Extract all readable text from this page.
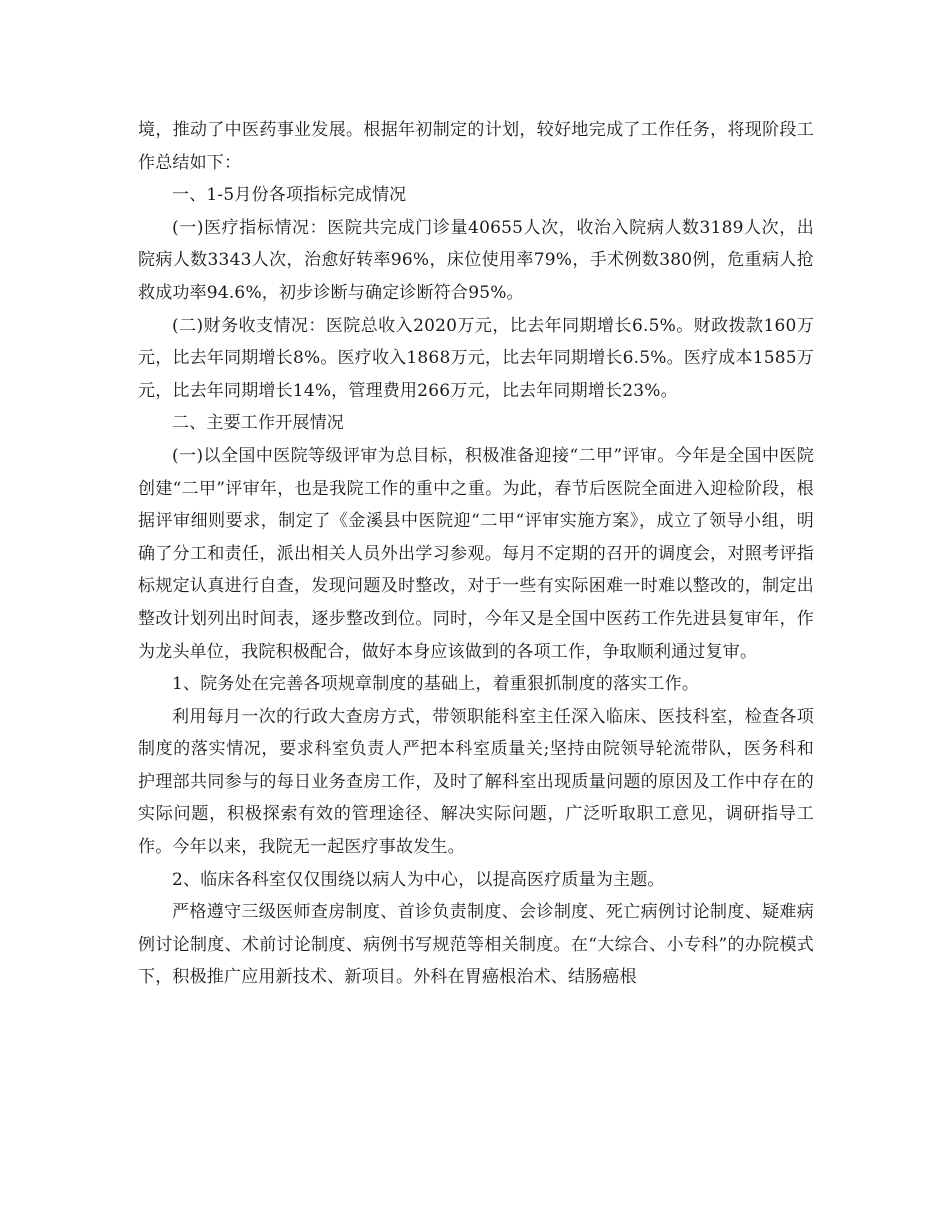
境，推动了中医药事业发展。根据年初制定的计划，较好地完成了工作任务，将现阶段工作总结如下：

一、1-5月份各项指标完成情况

(一)医疗指标情况：医院共完成门诊量40655人次，收治入院病人数3189人次，出院病人数3343人次，治愈好转率96%，床位使用率79%，手术例数380例，危重病人抢救成功率94.6%，初步诊断与确定诊断符合95%。

(二)财务收支情况：医院总收入2020万元，比去年同期增长6.5%。财政拨款160万元，比去年同期增长8%。医疗收入1868万元，比去年同期增长6.5%。医疗成本1585万元，比去年同期增长14%，管理费用266万元，比去年同期增长23%。

二、主要工作开展情况

(一)以全国中医院等级评审为总目标，积极准备迎接“二甲”评审。今年是全国中医院创建“二甲”评审年，也是我院工作的重中之重。为此，春节后医院全面进入迎检阶段，根据评审细则要求，制定了《金溪县中医院迎“二甲“评审实施方案》，成立了领导小组，明确了分工和责任，派出相关人员外出学习参观。每月不定期的召开的调度会，对照考评指标规定认真进行自查，发现问题及时整改，对于一些有实际困难一时难以整改的，制定出整改计划列出时间表，逐步整改到位。同时，今年又是全国中医药工作先进县复审年，作为龙头单位，我院积极配合，做好本身应该做到的各项工作，争取顺利通过复审。

1、院务处在完善各项规章制度的基础上，着重狠抓制度的落实工作。

利用每月一次的行政大查房方式，带领职能科室主任深入临床、医技科室，检查各项制度的落实情况，要求科室负责人严把本科室质量关;坚持由院领导轮流带队，医务科和护理部共同参与的每日业务查房工作，及时了解科室出现质量问题的原因及工作中存在的实际问题，积极探索有效的管理途径、解决实际问题，广泛听取职工意见，调研指导工作。今年以来，我院无一起医疗事故发生。

2、临床各科室仅仅围绕以病人为中心，以提高医疗质量为主题。

严格遵守三级医师查房制度、首诊负责制度、会诊制度、死亡病例讨论制度、疑难病例讨论制度、术前讨论制度、病例书写规范等相关制度。在“大综合、小专科”的办院模式下，积极推广应用新技术、新项目。外科在胃癌根治术、结肠癌根
